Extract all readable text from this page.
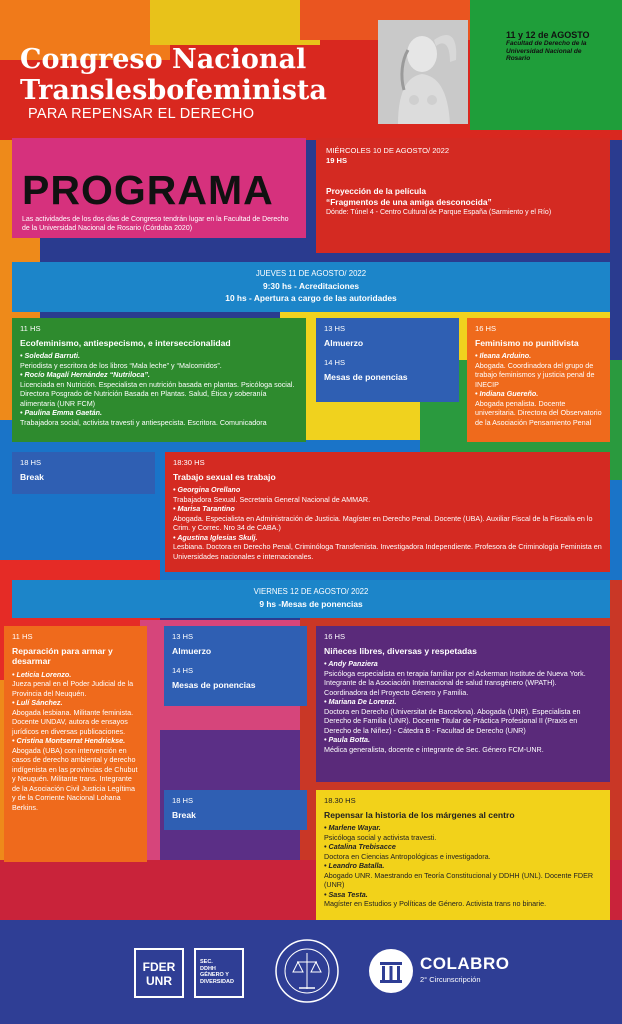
Congreso Nacional
Translesbofeminista
PARA REPENSAR EL DERECHO
11 y 12 de AGOSTO
Facultad de Derecho de la
Universidad Nacional de
Rosario
PROGRAMA
Las actividades de los dos días de Congreso tendrán lugar en la Facultad de Derecho de la Universidad Nacional de Rosario (Córdoba 2020)
MIÉRCOLES 10 DE AGOSTO/ 2022
19 HS
Proyección de la película
“Fragmentos de una amiga desconocida”
Dónde: Túnel 4 - Centro Cultural de Parque España (Sarmiento y el Río)
JUEVES 11 DE AGOSTO/ 2022
9:30 hs - Acreditaciones
10 hs - Apertura a cargo de las autoridades
11 HS
Ecofeminismo, antiespecismo, e interseccionalidad
• Soledad Barruti.
Periodista y escritora de los libros “Mala leche” y “Malcomidos”.
• Rocío Magalí Hernández “Nutriloca”.
Licenciada en Nutrición. Especialista en nutrición basada en plantas. Psicóloga social. Directora Posgrado de Nutrición Basada en Plantas. Salud, Ética y soberanía alimentaria (UNR FCM)
• Paulina Emma Gaetán.
Trabajadora social, activista travesti y antiespecista. Escritora. Comunicadora
13 HS
Almuerzo
14 HS
Mesas de ponencias
16 HS
Feminismo no punitivista
• Ileana Arduino.
Abogada. Coordinadora del grupo de trabajo feminismos y justicia penal de INECIP
• Indiana Guereño.
Abogada penalista. Docente universitaria. Directora del Observatorio de la Asociación Pensamiento Penal
18 HS
Break
18:30 HS
Trabajo sexual es trabajo
• Georgina Orellano
Trabajadora Sexual. Secretaria General Nacional de AMMAR.
• Marisa Tarantino
Abogada. Especialista en Administración de Justicia. Magíster en Derecho Penal. Docente (UBA). Auxiliar Fiscal de la Fiscalía en lo Crim. y Correc. Nro 34 de CABA.)
• Agustina Iglesias Skulj.
Lesbiana. Doctora en Derecho Penal, Criminóloga Transfemista. Investigadora Independiente. Profesora de Criminología Feminista en Universidades nacionales e internacionales.
VIERNES 12 DE AGOSTO/ 2022
9 hs -Mesas de ponencias
11 HS
Reparación para armar y desarmar
• Leticia Lorenzo.
Jueza penal en el Poder Judicial de la Provincia del Neuquén.
• Lulí Sánchez.
Abogada lesbiana. Militante feminista. Docente UNDAV, autora de ensayos jurídicos en diversas publicaciones.
• Cristina Montserrat Hendrickse.
Abogada (UBA) con intervención en casos de derecho ambiental y derecho indígenista en las provincias de Chubut y Neuquén. Militante trans. Integrante de la Asociación Civil Justicia Legítima y de la Corriente Nacional Lohana Berkins.
13 HS
Almuerzo
14 HS
Mesas de ponencias
16 HS
Niñeces libres, diversas y respetadas
• Andy Panziera
Psicóloga especialista en terapia familiar por el Ackerman Institute de Nueva York. Integrante de la Asociación Internacional de salud transgénero (WPATH). Coordinadora del Proyecto Género y Familia.
• Mariana De Lorenzi.
Doctora en Derecho (Universitat de Barcelona). Abogada (UNR). Especialista en Derecho de Familia (UNR). Docente Titular de Práctica Profesional II (Praxis en Derecho de la Niñez) - Cátedra B - Facultad de Derecho (UNR)
• Paula Botta.
Médica generalista, docente e integrante de Sec. Género FCM-UNR.
18 HS
Break
18.30 HS
Repensar la historia de los márgenes al centro
• Marlene Wayar.
Psicóloga social y activista travesti.
• Catalina Trebisacce
Doctora en Ciencias Antropológicas e investigadora.
• Leandro Batalla.
Abogado UNR. Maestrando en Teoría Constitucional y DDHH (UNL). Docente FDER (UNR)
• Sasa Testa.
Magíster en Estudios y Políticas de Género. Activista trans no binarie.
FDER
UNR
SEC.
DDHH
GÉNERO Y
DIVERSIDAD
COLABRO
2° Circunscripción
